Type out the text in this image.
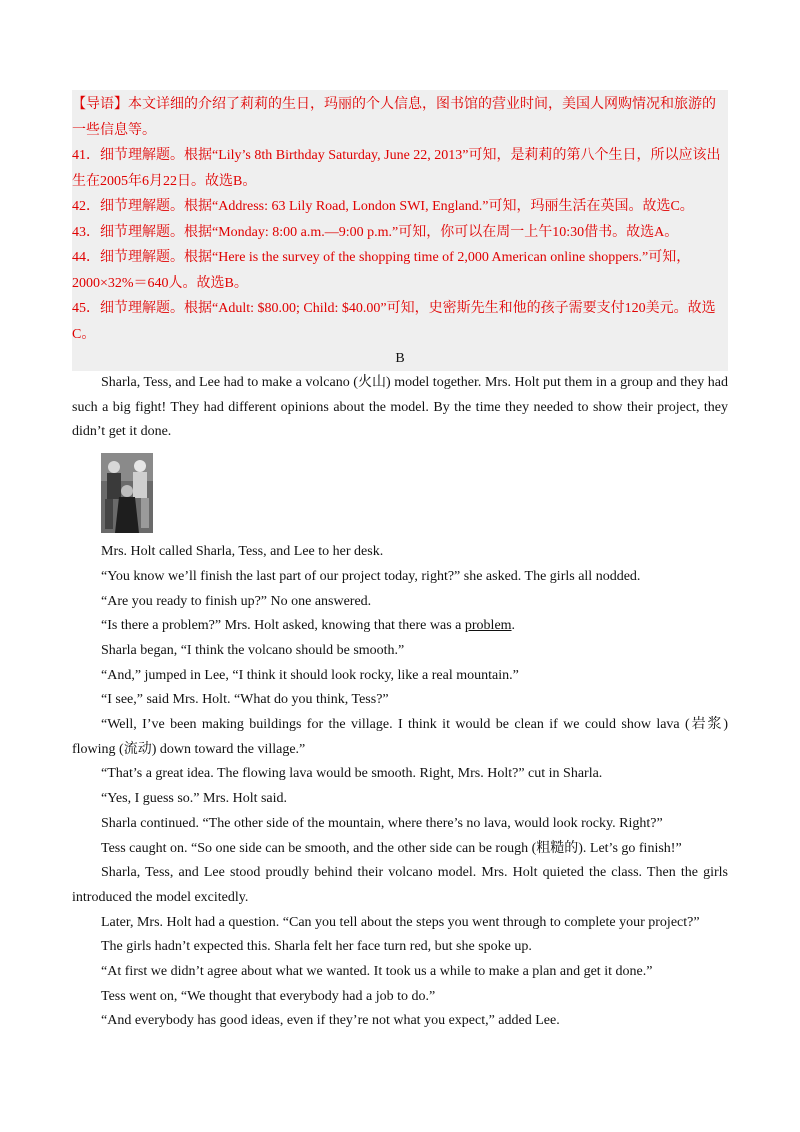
【导语】本文详细的介绍了莉莉的生日，玛丽的个人信息，图书馆的营业时间，美国人网购情况和旅游的一些信息等。

41．细节理解题。根据“Lily’s 8th Birthday Saturday, June 22, 2013”可知，是莉莉的第八个生日，所以应该出生在2005年6月22日。故选B。

42．细节理解题。根据“Address: 63 Lily Road, London SWI, England.”可知，玛丽生活在英国。故选C。

43．细节理解题。根据“Monday: 8:00 a.m.—9:00 p.m.”可知，你可以在周一上午10:30借书。故选A。

44．细节理解题。根据“Here is the survey of the shopping time of 2,000 American online shoppers.”可知，2000×32%＝640人。故选B。

45．细节理解题。根据“Adult: $80.00; Child: $40.00”可知，史密斯先生和他的孩子需要支付120美元。故选C。

B

Sharla, Tess, and Lee had to make a volcano (火山) model together. Mrs. Holt put them in a group and they had such a big fight! They had different opinions about the model. By the time they needed to show their project, they didn’t get it done.

Mrs. Holt called Sharla, Tess, and Lee to her desk.

“You know we’ll finish the last part of our project today, right?” she asked. The girls all nodded.

“Are you ready to finish up?” No one answered.

“Is there a problem?” Mrs. Holt asked, knowing that there was a problem.

Sharla began, “I think the volcano should be smooth.”

“And,” jumped in Lee, “I think it should look rocky, like a real mountain.”

“I see,” said Mrs. Holt. “What do you think, Tess?”

“Well, I’ve been making buildings for the village. I think it would be clean if we could show lava (岩浆) flowing (流动) down toward the village.”

“That’s a great idea. The flowing lava would be smooth. Right, Mrs. Holt?” cut in Sharla.

“Yes, I guess so.” Mrs. Holt said.

Sharla continued. “The other side of the mountain, where there’s no lava, would look rocky. Right?”

Tess caught on. “So one side can be smooth, and the other side can be rough (粗糙的). Let’s go finish!”

Sharla, Tess, and Lee stood proudly behind their volcano model. Mrs. Holt quieted the class. Then the girls introduced the model excitedly.

Later, Mrs. Holt had a question. “Can you tell about the steps you went through to complete your project?”

The girls hadn’t expected this. Sharla felt her face turn red, but she spoke up.

“At first we didn’t agree about what we wanted. It took us a while to make a plan and get it done.”

Tess went on, “We thought that everybody had a job to do.”

“And everybody has good ideas, even if they’re not what you expect,” added Lee.
